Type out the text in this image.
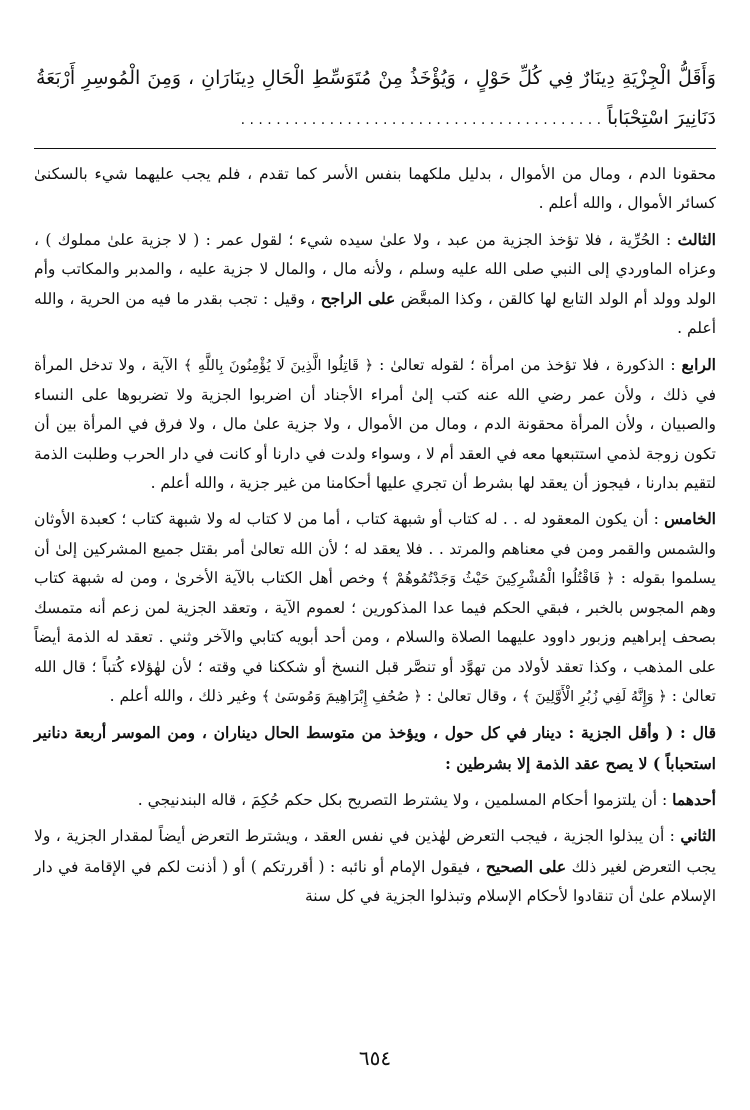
وَأَقَلُّ الْجِزْيَةِ دِينَارٌ فِي كُلِّ حَوْلٍ ، وَيُؤْخَذُ مِنْ مُتَوَسِّطِ الْحَالِ دِينَارَانِ ، وَمِنَ الْمُوسِرِ أَرْبَعَةُ دَنَانِيرَ اسْتِحْبَاباً . . . . . . . . . . . . . . . . . . . . . . . . . . . . . . . . . . . . . . . . .

محقونا الدم ، ومال من الأموال ، بدليل ملكهما بنفس الأسر كما تقدم ، فلم يجب عليهما شيء بالسكنىٰ كسائر الأموال ، والله أعلم .

الثالث : الحُرِّية ، فلا تؤخذ الجزية من عبد ، ولا علىٰ سيده شيء ؛ لقول عمر : ( لا جزية علىٰ مملوك ) ، وعزاه الماوردي إلى النبي صلى الله عليه وسلم ، ولأنه مال ، والمال لا جزية عليه ، والمدبر والمكاتب وأم الولد وولد أم الولد التابع لها كالقن ، وكذا المبعَّض على الراجح ، وقيل : تجب بقدر ما فيه من الحرية ، والله أعلم .

الرابع : الذكورة ، فلا تؤخذ من امرأة ؛ لقوله تعالىٰ : ﴿ قَاتِلُوا الَّذِينَ لَا يُؤْمِنُونَ بِاللَّهِ ﴾ الآية ، ولا تدخل المرأة في ذلك ، ولأن عمر رضي الله عنه كتب إلىٰ أمراء الأجناد أن اضربوا الجزية ولا تضربوها على النساء والصبيان ، ولأن المرأة محقونة الدم ، ومال من الأموال ، ولا جزية علىٰ مال ، ولا فرق في المرأة بين أن تكون زوجة لذمي استتبعها معه في العقد أم لا ، وسواء ولدت في دارنا أو كانت في دار الحرب وطلبت الذمة لتقيم بدارنا ، فيجوز أن يعقد لها بشرط أن تجري عليها أحكامنا من غير جزية ، والله أعلم .

الخامس : أن يكون المعقود له . . له كتاب أو شبهة كتاب ، أما من لا كتاب له ولا شبهة كتاب ؛ كعبدة الأوثان والشمس والقمر ومن في معناهم والمرتد . . فلا يعقد له ؛ لأن الله تعالىٰ أمر بقتل جميع المشركين إلىٰ أن يسلموا بقوله : ﴿ فَاقْتُلُوا الْمُشْرِكِينَ حَيْثُ وَجَدْتُمُوهُمْ ﴾ وخص أهل الكتاب بالآية الأخرىٰ ، ومن له شبهة كتاب وهم المجوس بالخبر ، فبقي الحكم فيما عدا المذكورين ؛ لعموم الآية ، وتعقد الجزية لمن زعم أنه متمسك بصحف إبراهيم وزبور داوود عليهما الصلاة والسلام ، ومن أحد أبويه كتابي والآخر وثني . تعقد له الذمة أيضاً على المذهب ، وكذا تعقد لأولاد من تهوَّد أو تنصَّر قبل النسخ أو شككنا في وقته ؛ لأن لهٰؤلاء كُتباً ؛ قال الله تعالىٰ : ﴿ وَإِنَّهُ لَفِي زُبُرِ الْأَوَّلِينَ ﴾ ، وقال تعالىٰ : ﴿ صُحُفِ إِبْرَاهِيمَ وَمُوسَىٰ ﴾ وغير ذلك ، والله أعلم .

قال : ( وأقل الجزية : دينار في كل حول ، ويؤخذ من متوسط الحال ديناران ، ومن الموسر أربعة دنانير استحباباً ) لا يصح عقد الذمة إلا بشرطين :

أحدهما : أن يلتزموا أحكام المسلمين ، ولا يشترط التصريح بكل حكم حُكِمَ ، قاله البندنيجي .

الثاني : أن يبذلوا الجزية ، فيجب التعرض لهٰذين في نفس العقد ، ويشترط التعرض أيضاً لمقدار الجزية ، ولا يجب التعرض لغير ذلك على الصحيح ، فيقول الإمام أو نائبه : ( أقررتكم ) أو ( أذنت لكم في الإقامة في دار الإسلام علىٰ أن تنقادوا لأحكام الإسلام وتبذلوا الجزية في كل سنة

٦٥٤
